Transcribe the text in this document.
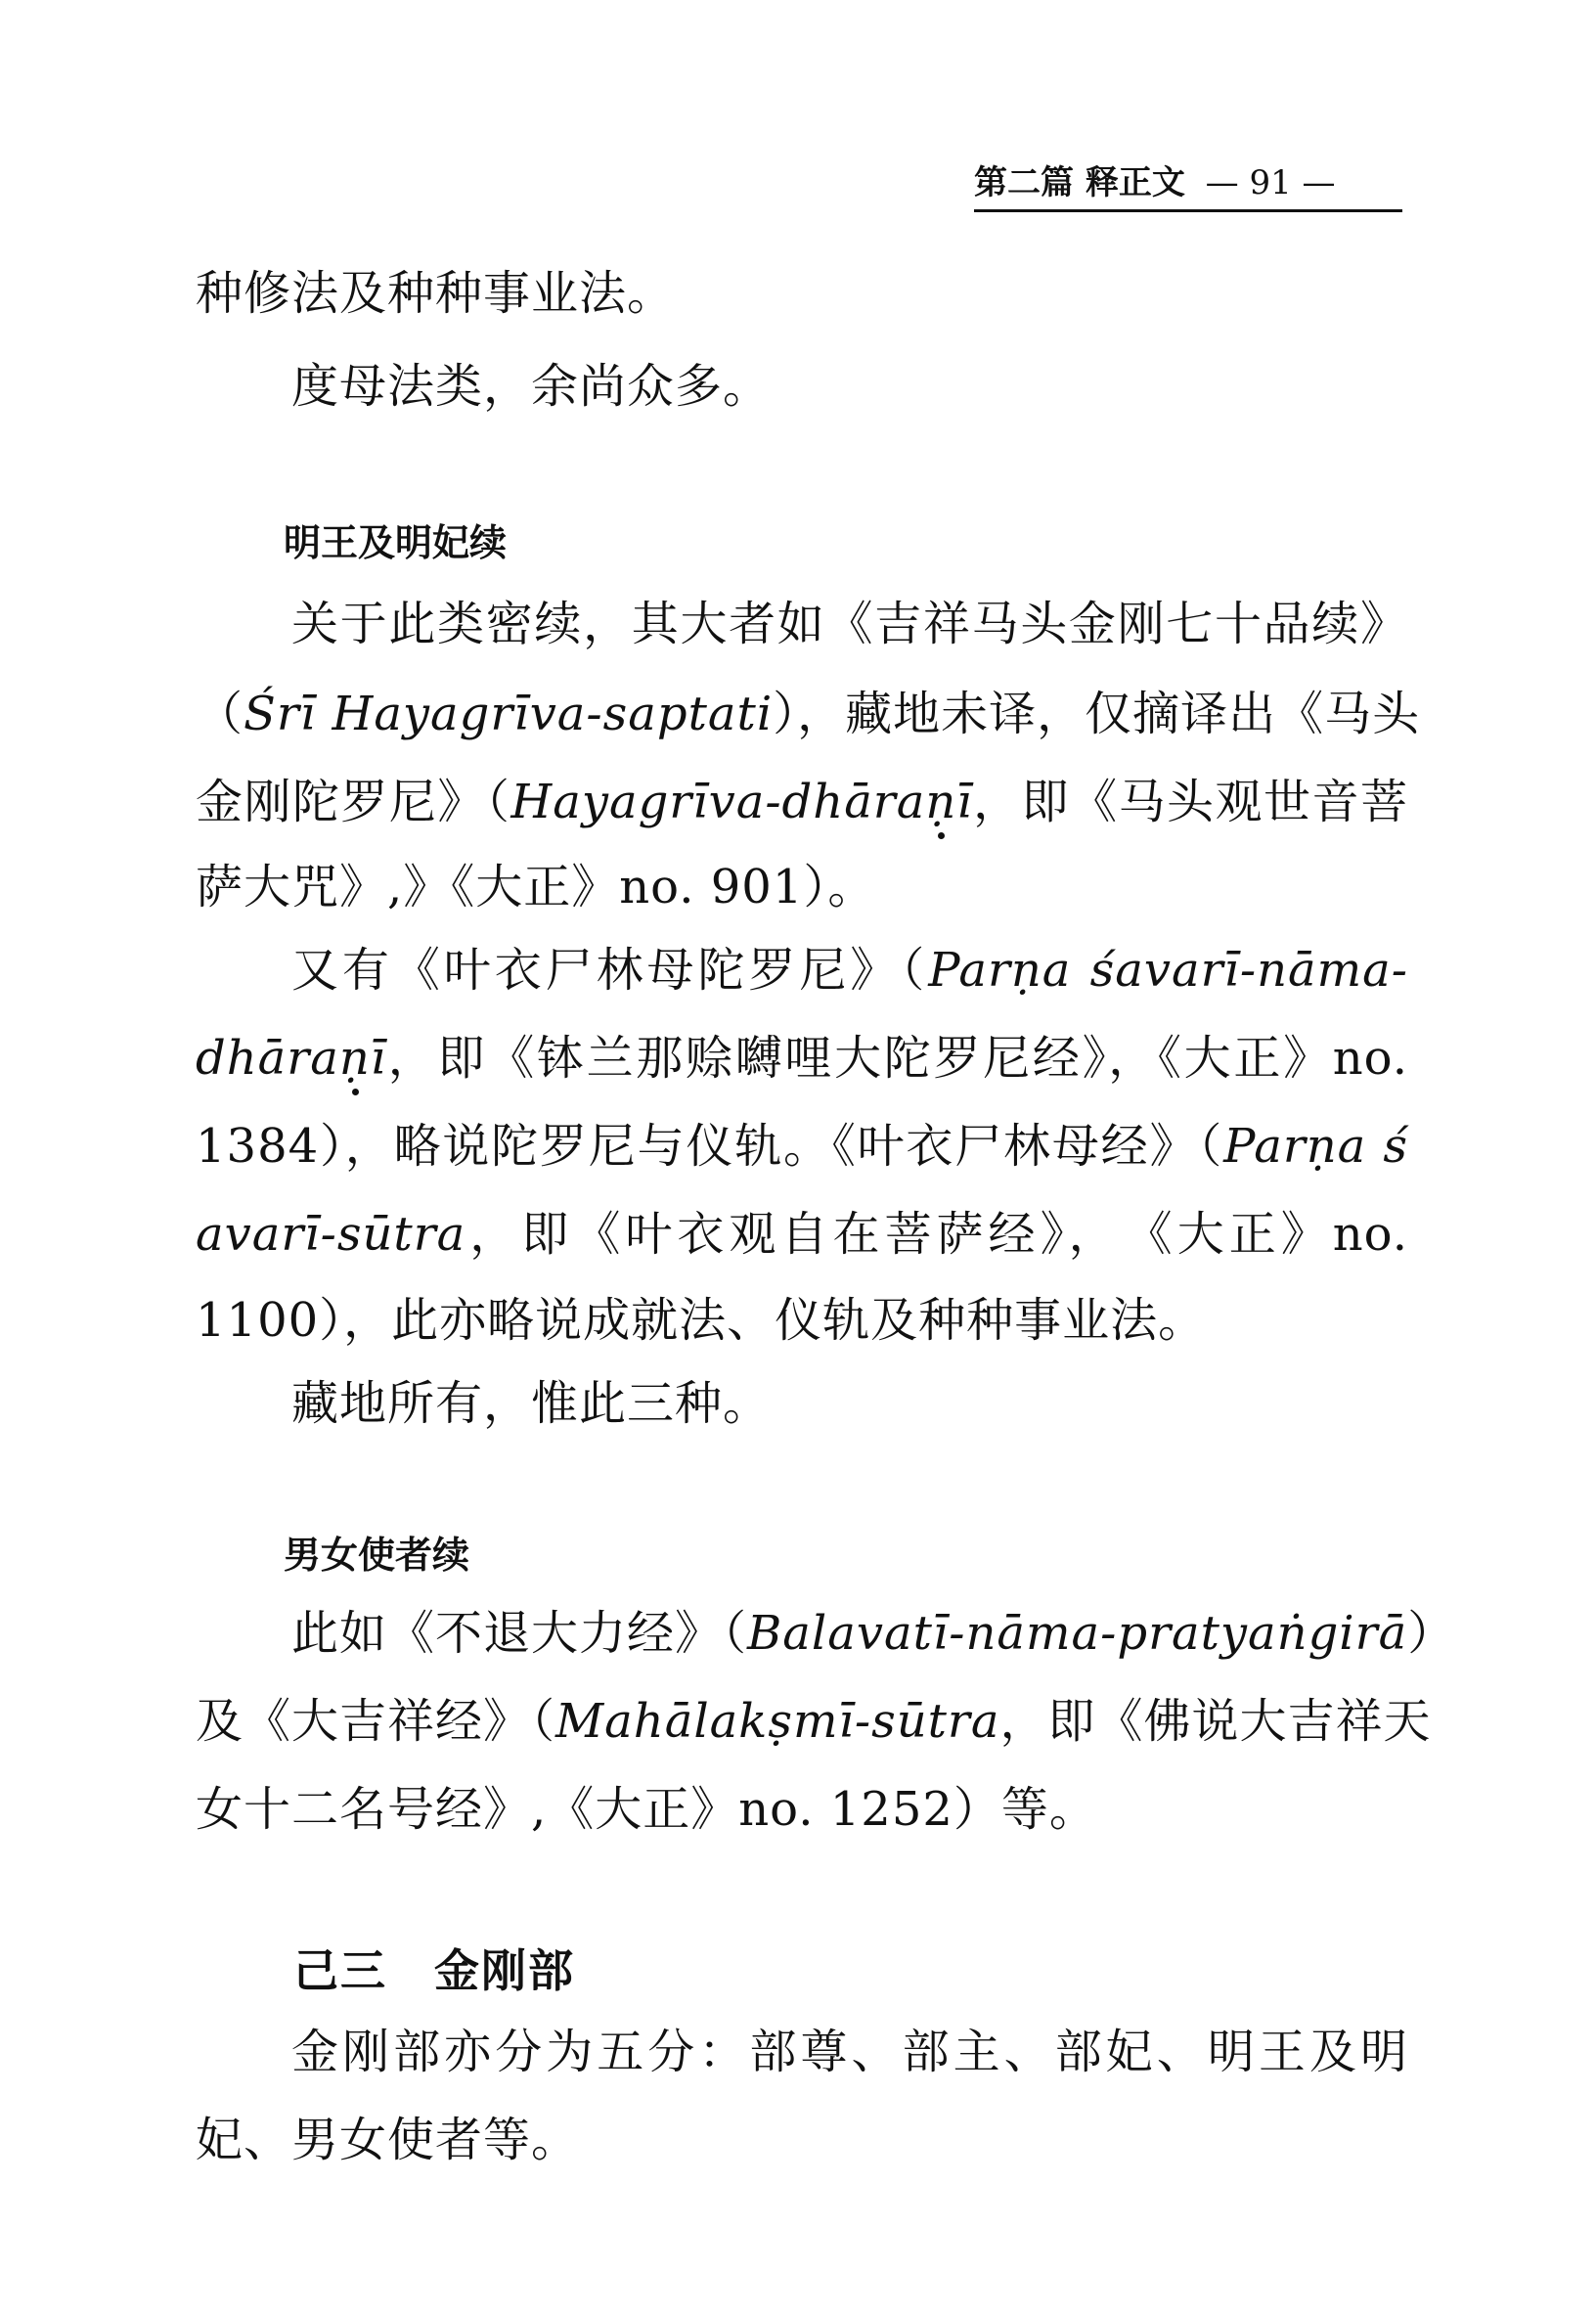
第二篇 释正文 — 91 —
种修法及种种事业法。
度母法类，余尚众多。
明王及明妃续
关于此类密续，其大者如《吉祥马头金刚七十品续》
（Śrī Hayagrīva-saptati），藏地未译，仅摘译出《马头
金刚陀罗尼》（Hayagrīva-dhāraṇī，即《马头观世音菩
萨大咒》,》《大正》no. 901）。
又有《叶衣尸林母陀罗尼》（Parṇa śavarī-nāma-
dhāraṇī，即《钵兰那赊嚩哩大陀罗尼经》，《大正》no.
1384），略说陀罗尼与仪轨。《叶衣尸林母经》（Parṇa ś
avarī-sūtra，即《叶衣观自在菩萨经》，　《大正》no.
1100），此亦略说成就法、仪轨及种种事业法。
藏地所有，惟此三种。
男女使者续
此如《不退大力经》（Balavatī-nāma-pratyaṅgirā）
及《大吉祥经》（Mahālakṣmī-sūtra，即《佛说大吉祥天
女十二名号经》,《大正》no. 1252）等。
己三　金刚部
金刚部亦分为五分：部尊、部主、部妃、明王及明
妃、男女使者等。
